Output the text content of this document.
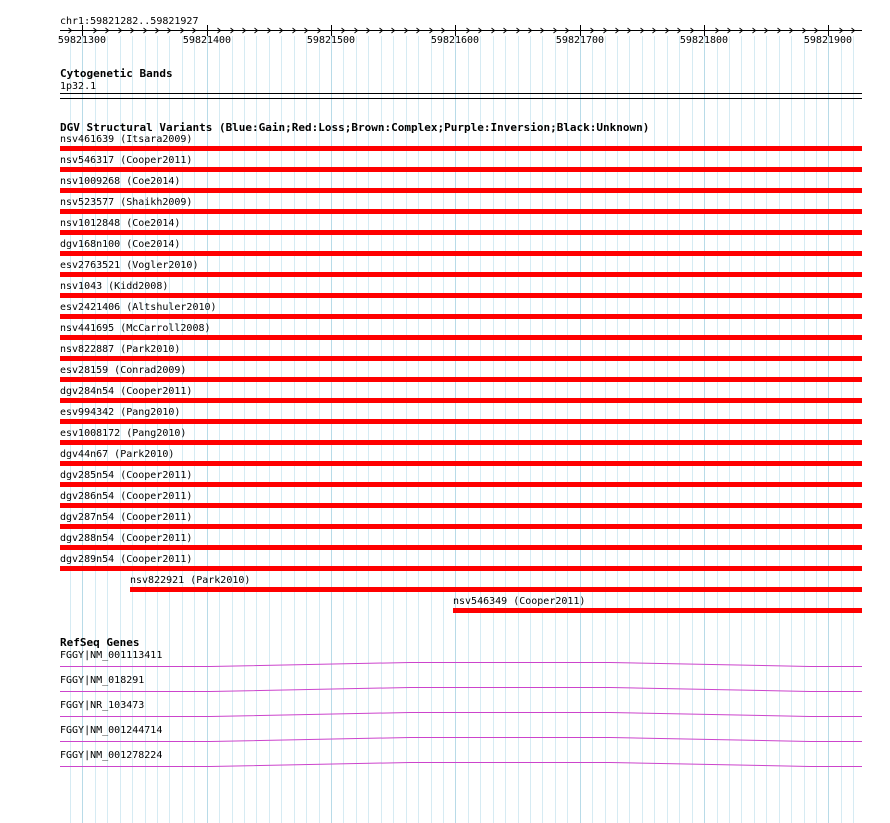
chr1:59821282..59821927
59821300	59821400	59821500	59821600	59821700	59821800	59821900
Cytogenetic Bands
1p32.1
DGV Structural Variants (Blue:Gain;Red:Loss;Brown:Complex;Purple:Inversion;Black:Unknown)
nsv461639 (Itsara2009)
nsv546317 (Cooper2011)
nsv1009268 (Coe2014)
nsv523577 (Shaikh2009)
nsv1012848 (Coe2014)
dgv168n100 (Coe2014)
esv2763521 (Vogler2010)
nsv1043 (Kidd2008)
esv2421406 (Altshuler2010)
nsv441695 (McCarroll2008)
nsv822887 (Park2010)
esv28159 (Conrad2009)
dgv284n54 (Cooper2011)
esv994342 (Pang2010)
esv1008172 (Pang2010)
dgv44n67 (Park2010)
dgv285n54 (Cooper2011)
dgv286n54 (Cooper2011)
dgv287n54 (Cooper2011)
dgv288n54 (Cooper2011)
dgv289n54 (Cooper2011)
nsv822921 (Park2010)
nsv546349 (Cooper2011)
RefSeq Genes
FGGY|NM_001113411
FGGY|NM_018291
FGGY|NR_103473
FGGY|NM_001244714
FGGY|NM_001278224
